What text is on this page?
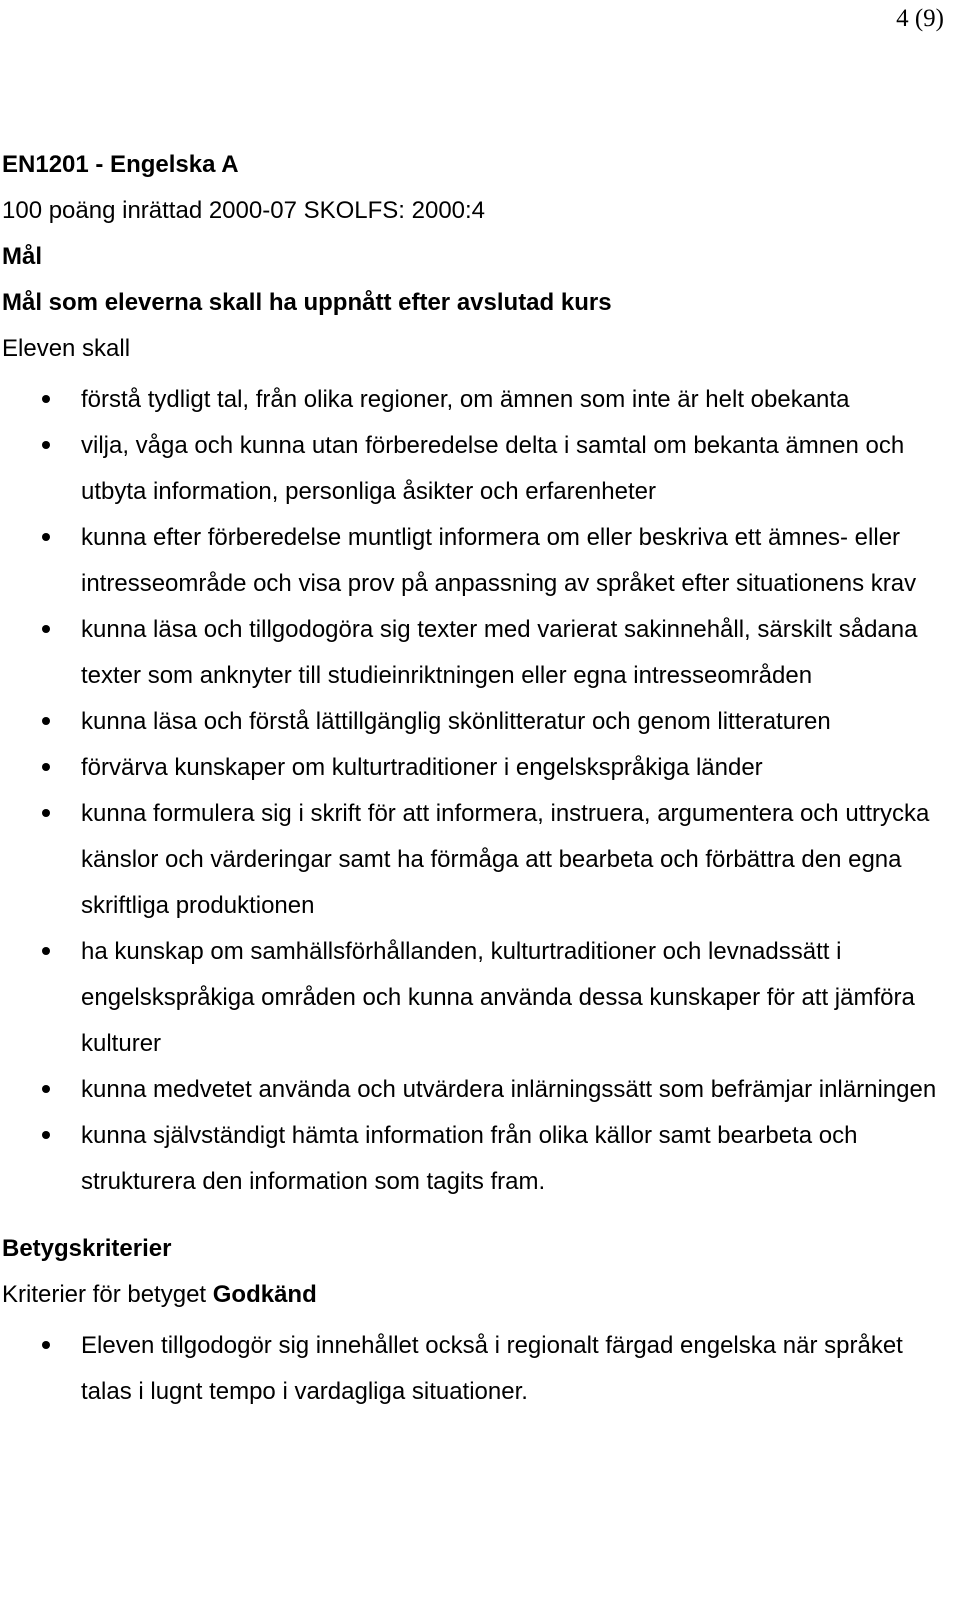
4 (9)
EN1201 - Engelska A
100 poäng inrättad 2000-07 SKOLFS: 2000:4
Mål
Mål som eleverna skall ha uppnått efter avslutad kurs
Eleven skall
förstå tydligt tal, från olika regioner, om ämnen som inte är helt obekanta
vilja, våga och kunna utan förberedelse delta i samtal om bekanta ämnen och utbyta information, personliga åsikter och erfarenheter
kunna efter förberedelse muntligt informera om eller beskriva ett ämnes- eller intresseområde och visa prov på anpassning av språket efter situationens krav
kunna läsa och tillgodogöra sig texter med varierat sakinnehåll, särskilt sådana texter som anknyter till studieinriktningen eller egna intresseområden
kunna läsa och förstå lättillgänglig skönlitteratur och genom litteraturen
förvärva kunskaper om kulturtraditioner i engelskspråkiga länder
kunna formulera sig i skrift för att informera, instruera, argumentera och uttrycka känslor och värderingar samt ha förmåga att bearbeta och förbättra den egna skriftliga produktionen
ha kunskap om samhällsförhållanden, kulturtraditioner och levnadssätt i engelskspråkiga områden och kunna använda dessa kunskaper för att jämföra kulturer
kunna medvetet använda och utvärdera inlärningssätt som befrämjar inlärningen
kunna självständigt hämta information från olika källor samt bearbeta och strukturera den information som tagits fram.
Betygskriterier
Kriterier för betyget Godkänd
Eleven tillgodogör sig innehållet också i regionalt färgad engelska när språket talas i lugnt tempo i vardagliga situationer.
